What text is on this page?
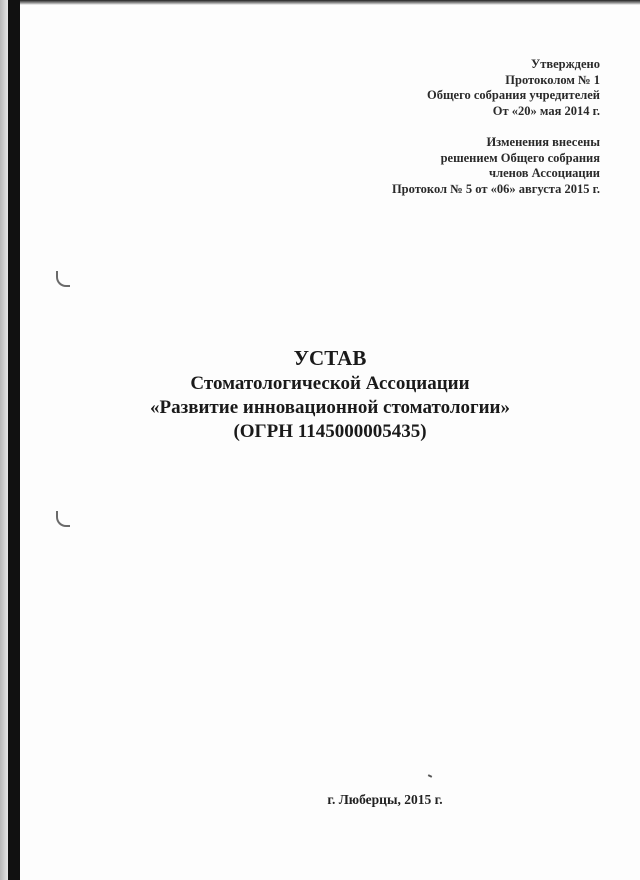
Утверждено
Протоколом № 1
Общего собрания учредителей
От «20» мая 2014 г.
Изменения внесены
решением Общего собрания
членов Ассоциации
Протокол № 5 от «06» августа 2015 г.
УСТАВ
Стоматологической Ассоциации
«Развитие инновационной стоматологии»
(ОГРН 1145000005435)
г. Люберцы, 2015 г.
